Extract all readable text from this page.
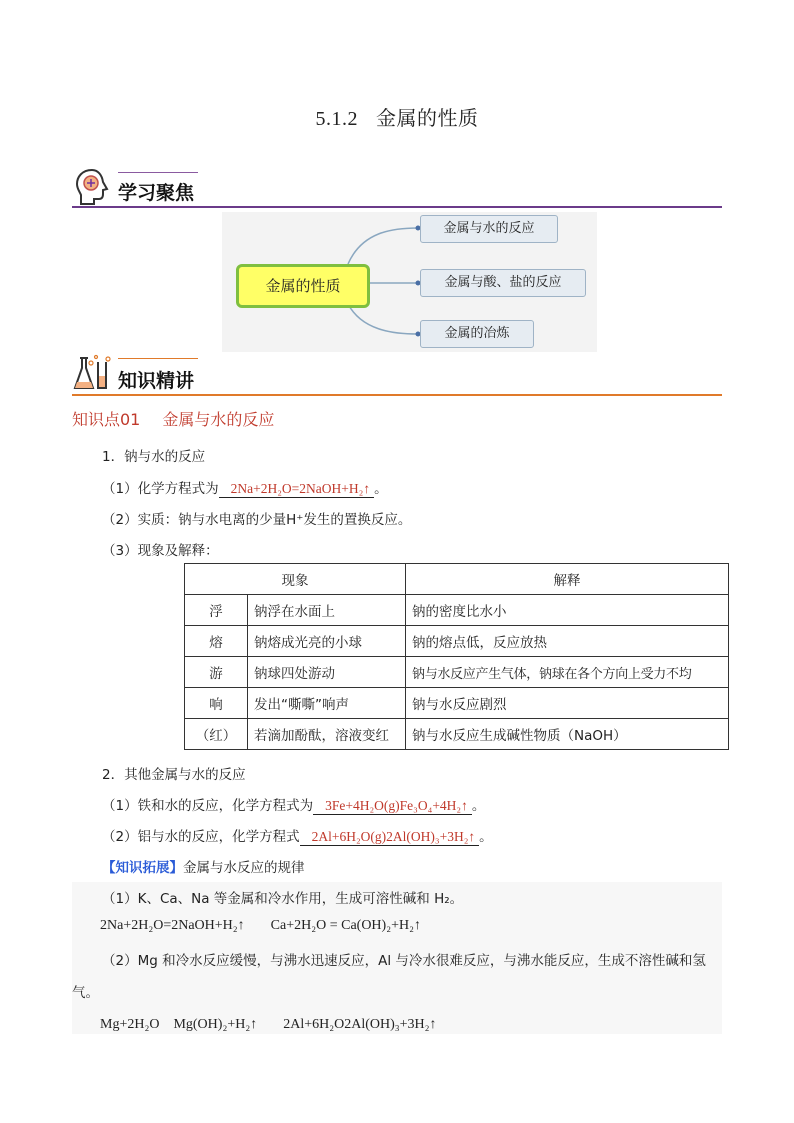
5.1.2 金属的性质
学习聚焦
金属的性质
金属与水的反应
金属与酸、盐的反应
金属的冶炼
知识精讲
知识点01 金属与水的反应
1．钠与水的反应
（1）化学方程式为 2Na+2H₂O=2NaOH+H₂↑ 。
（2）实质：钠与水电离的少量H⁺发生的置换反应。
（3）现象及解释：
现象		解释
浮	钠浮在水面上	钠的密度比水小
熔	钠熔成光亮的小球	钠的熔点低，反应放热
游	钠球四处游动	钠与水反应产生气体，钠球在各个方向上受力不均
响	发出“嘶嘶”响声	钠与水反应剧烈
（红）	若滴加酚酞，溶液变红	钠与水反应生成碱性物质（NaOH）
2．其他金属与水的反应
（1）铁和水的反应，化学方程式为 3Fe+4H₂O(g)Fe₃O₄+4H₂↑ 。
（2）铝与水的反应，化学方程式 2Al+6H₂O(g)2Al(OH)₃+3H₂↑ 。
【知识拓展】金属与水反应的规律
（1）K、Ca、Na 等金属和冷水作用，生成可溶性碱和 H₂。
2Na+2H₂O=2NaOH+H₂↑ Ca+2H₂O = Ca(OH)₂+H₂↑
（2）Mg 和冷水反应缓慢，与沸水迅速反应，Al 与冷水很难反应，与沸水能反应，生成不溶性碱和氢
气。
Mg+2H₂O　Mg(OH)₂+H₂↑ 2Al+6H₂O2Al(OH)₃+3H₂↑
